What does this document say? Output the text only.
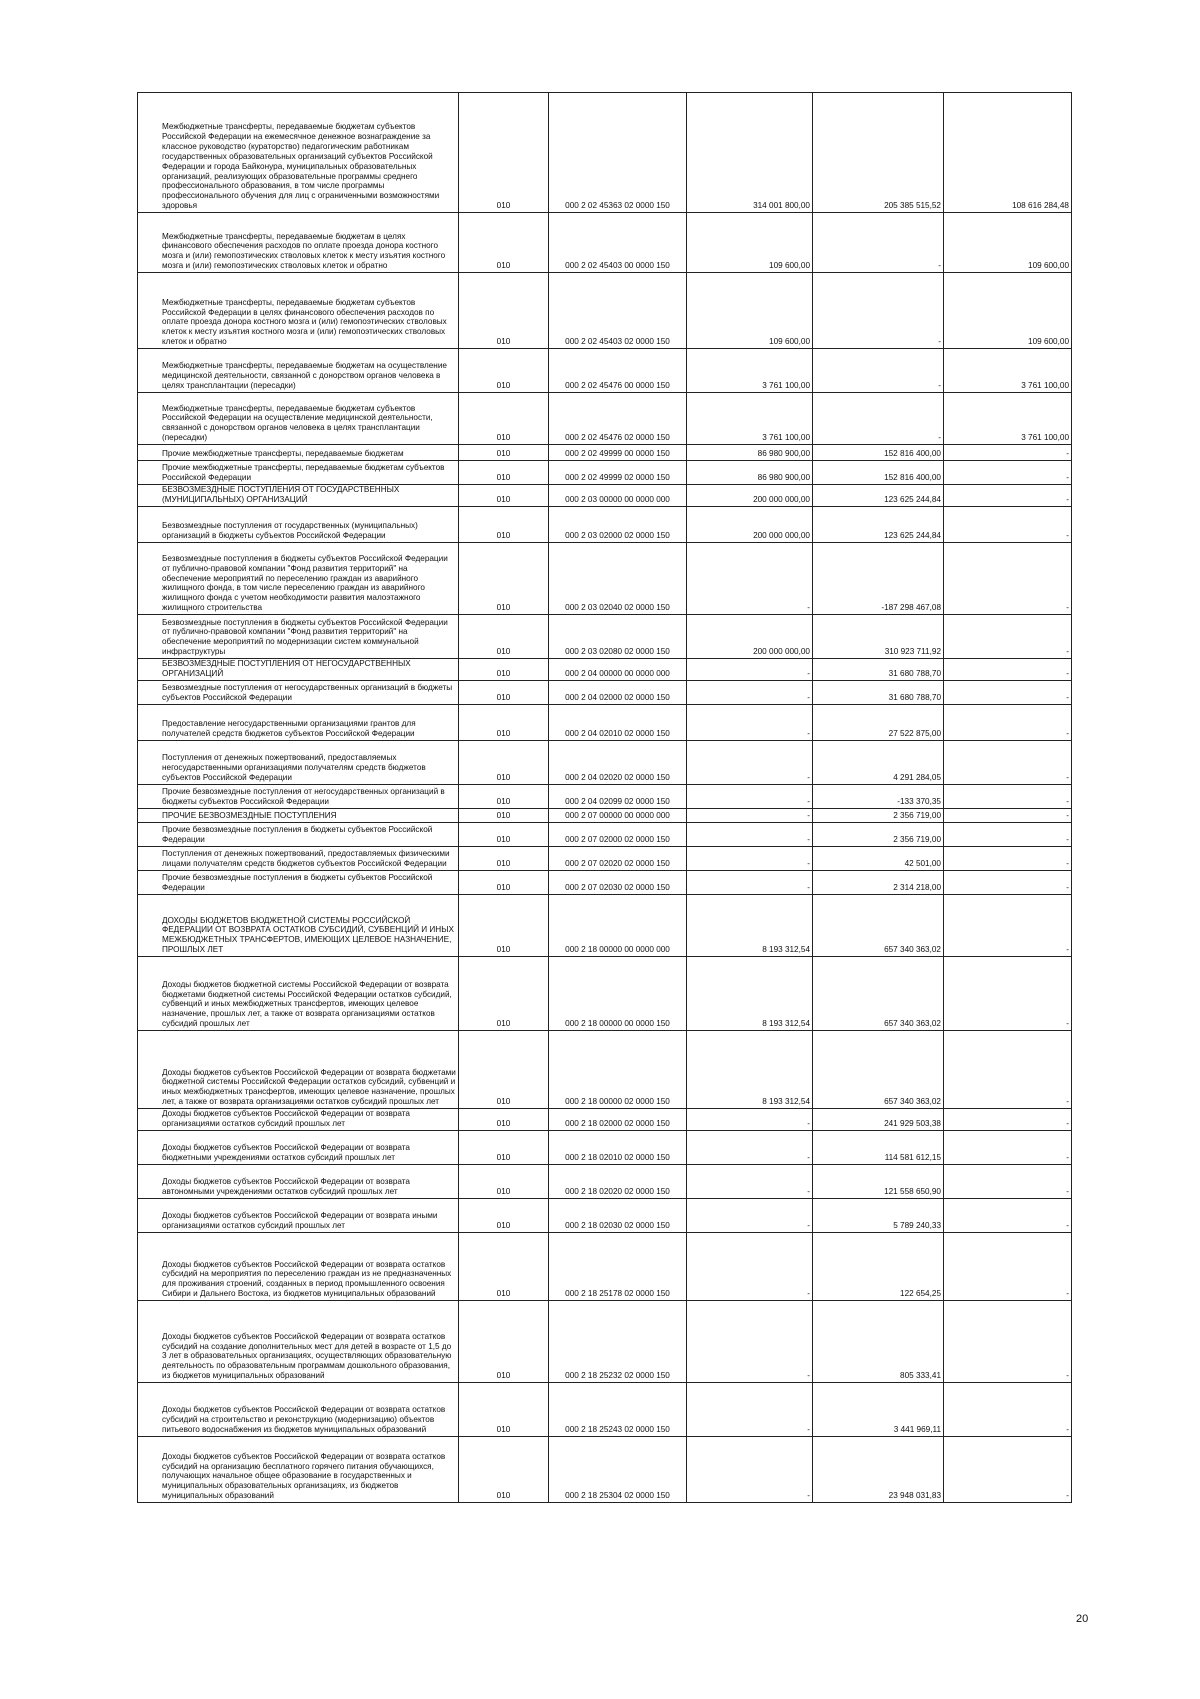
Межбюджетные трансферты, передаваемые бюджетам субъектов Российской Федерации на ежемесячное денежное вознаграждение за классное руководство (кураторство) педагогическим работникам государственных образовательных организаций субъектов Российской Федерации и города Байконура, муниципальных образовательных организаций, реализующих образовательные программы среднего профессионального образования, в том числе программы профессионального обучения для лиц с ограниченными возможностями здоровья	010	000 2 02 45363 02 0000 150	314 001 800,00	205 385 515,52	108 616 284,48
Межбюджетные трансферты, передаваемые бюджетам в целях финансового обеспечения расходов по оплате проезда донора костного мозга и (или) гемопоэтических стволовых клеток к месту изъятия костного мозга и (или) гемопоэтических стволовых клеток и обратно	010	000 2 02 45403 00 0000 150	109 600,00	-	109 600,00
Межбюджетные трансферты, передаваемые бюджетам субъектов Российской Федерации в целях финансового обеспечения расходов по оплате проезда донора костного мозга и (или) гемопоэтических стволовых клеток к месту изъятия костного мозга и (или) гемопоэтических стволовых клеток и обратно	010	000 2 02 45403 02 0000 150	109 600,00	-	109 600,00
Межбюджетные трансферты, передаваемые бюджетам на осуществление медицинской деятельности, связанной с донорством органов человека в целях трансплантации (пересадки)	010	000 2 02 45476 00 0000 150	3 761 100,00	-	3 761 100,00
Межбюджетные трансферты, передаваемые бюджетам субъектов Российской Федерации на осуществление медицинской деятельности, связанной с донорством органов человека в целях трансплантации (пересадки)	010	000 2 02 45476 02 0000 150	3 761 100,00	-	3 761 100,00
Прочие межбюджетные трансферты, передаваемые бюджетам	010	000 2 02 49999 00 0000 150	86 980 900,00	152 816 400,00	-
Прочие межбюджетные трансферты, передаваемые бюджетам субъектов Российской Федерации	010	000 2 02 49999 02 0000 150	86 980 900,00	152 816 400,00	-
БЕЗВОЗМЕЗДНЫЕ ПОСТУПЛЕНИЯ ОТ ГОСУДАРСТВЕННЫХ (МУНИЦИПАЛЬНЫХ) ОРГАНИЗАЦИЙ	010	000 2 03 00000 00 0000 000	200 000 000,00	123 625 244,84	-
Безвозмездные поступления от государственных (муниципальных) организаций в бюджеты субъектов Российской Федерации	010	000 2 03 02000 02 0000 150	200 000 000,00	123 625 244,84	-
Безвозмездные поступления в бюджеты субъектов Российской Федерации от публично-правовой компании "Фонд развития территорий" на обеспечение мероприятий по переселению граждан из аварийного жилищного фонда, в том числе переселению граждан из аварийного жилищного фонда с учетом необходимости развития малоэтажного жилищного строительства	010	000 2 03 02040 02 0000 150	-	-187 298 467,08	-
Безвозмездные поступления в бюджеты субъектов Российской Федерации от публично-правовой компании "Фонд развития территорий" на обеспечение мероприятий по модернизации систем коммунальной инфраструктуры	010	000 2 03 02080 02 0000 150	200 000 000,00	310 923 711,92	-
БЕЗВОЗМЕЗДНЫЕ ПОСТУПЛЕНИЯ ОТ НЕГОСУДАРСТВЕННЫХ ОРГАНИЗАЦИЙ	010	000 2 04 00000 00 0000 000	-	31 680 788,70	-
Безвозмездные поступления от негосударственных организаций в бюджеты субъектов Российской Федерации	010	000 2 04 02000 02 0000 150	-	31 680 788,70	-
Предоставление негосударственными организациями грантов для получателей средств бюджетов субъектов Российской Федерации	010	000 2 04 02010 02 0000 150	-	27 522 875,00	-
Поступления от денежных пожертвований, предоставляемых негосударственными организациями получателям средств бюджетов субъектов Российской Федерации	010	000 2 04 02020 02 0000 150	-	4 291 284,05	-
Прочие безвозмездные поступления от негосударственных организаций в бюджеты субъектов Российской Федерации	010	000 2 04 02099 02 0000 150	-	-133 370,35	-
ПРОЧИЕ БЕЗВОЗМЕЗДНЫЕ ПОСТУПЛЕНИЯ	010	000 2 07 00000 00 0000 000	-	2 356 719,00	-
Прочие безвозмездные поступления в бюджеты субъектов Российской Федерации	010	000 2 07 02000 02 0000 150	-	2 356 719,00	-
Поступления от денежных пожертвований, предоставляемых физическими лицами получателям средств бюджетов субъектов Российской Федерации	010	000 2 07 02020 02 0000 150	-	42 501,00	-
Прочие безвозмездные поступления в бюджеты субъектов Российской Федерации	010	000 2 07 02030 02 0000 150	-	2 314 218,00	-
ДОХОДЫ БЮДЖЕТОВ БЮДЖЕТНОЙ СИСТЕМЫ РОССИЙСКОЙ ФЕДЕРАЦИИ ОТ ВОЗВРАТА ОСТАТКОВ СУБСИДИЙ, СУБВЕНЦИЙ И ИНЫХ МЕЖБЮДЖЕТНЫХ ТРАНСФЕРТОВ, ИМЕЮЩИХ ЦЕЛЕВОЕ НАЗНАЧЕНИЕ, ПРОШЛЫХ ЛЕТ	010	000 2 18 00000 00 0000 000	8 193 312,54	657 340 363,02	-
Доходы бюджетов бюджетной системы Российской Федерации от возврата бюджетами бюджетной системы Российской Федерации остатков субсидий, субвенций и иных межбюджетных трансфертов, имеющих целевое назначение, прошлых лет, а также от возврата организациями остатков субсидий прошлых лет	010	000 2 18 00000 00 0000 150	8 193 312,54	657 340 363,02	-
Доходы бюджетов субъектов Российской Федерации от возврата бюджетами бюджетной системы Российской Федерации остатков субсидий, субвенций и иных межбюджетных трансфертов, имеющих целевое назначение, прошлых лет, а также от возврата организациями остатков субсидий прошлых лет	010	000 2 18 00000 02 0000 150	8 193 312,54	657 340 363,02	-
Доходы бюджетов субъектов Российской Федерации от возврата организациями остатков субсидий прошлых лет	010	000 2 18 02000 02 0000 150	-	241 929 503,38	-
Доходы бюджетов субъектов Российской Федерации от возврата бюджетными учреждениями остатков субсидий прошлых лет	010	000 2 18 02010 02 0000 150	-	114 581 612,15	-
Доходы бюджетов субъектов Российской Федерации от возврата автономными учреждениями остатков субсидий прошлых лет	010	000 2 18 02020 02 0000 150	-	121 558 650,90	-
Доходы бюджетов субъектов Российской Федерации от возврата иными организациями остатков субсидий прошлых лет	010	000 2 18 02030 02 0000 150	-	5 789 240,33	-
Доходы бюджетов субъектов Российской Федерации от возврата остатков субсидий на мероприятия по переселению граждан из не предназначенных для проживания строений, созданных в период промышленного освоения Сибири и Дальнего Востока, из бюджетов муниципальных образований	010	000 2 18 25178 02 0000 150	-	122 654,25	-
Доходы бюджетов субъектов Российской Федерации от возврата остатков субсидий на создание дополнительных мест для детей в возрасте от 1,5 до 3 лет в образовательных организациях, осуществляющих образовательную деятельность по образовательным программам дошкольного образования, из бюджетов муниципальных образований	010	000 2 18 25232 02 0000 150	-	805 333,41	-
Доходы бюджетов субъектов Российской Федерации от возврата остатков субсидий на строительство и реконструкцию (модернизацию) объектов питьевого водоснабжения из бюджетов муниципальных образований	010	000 2 18 25243 02 0000 150	-	3 441 969,11	-
Доходы бюджетов субъектов Российской Федерации от возврата остатков субсидий на организацию бесплатного горячего питания обучающихся, получающих начальное общее образование в государственных и муниципальных образовательных организациях, из бюджетов муниципальных образований	010	000 2 18 25304 02 0000 150	-	23 948 031,83	-
20
